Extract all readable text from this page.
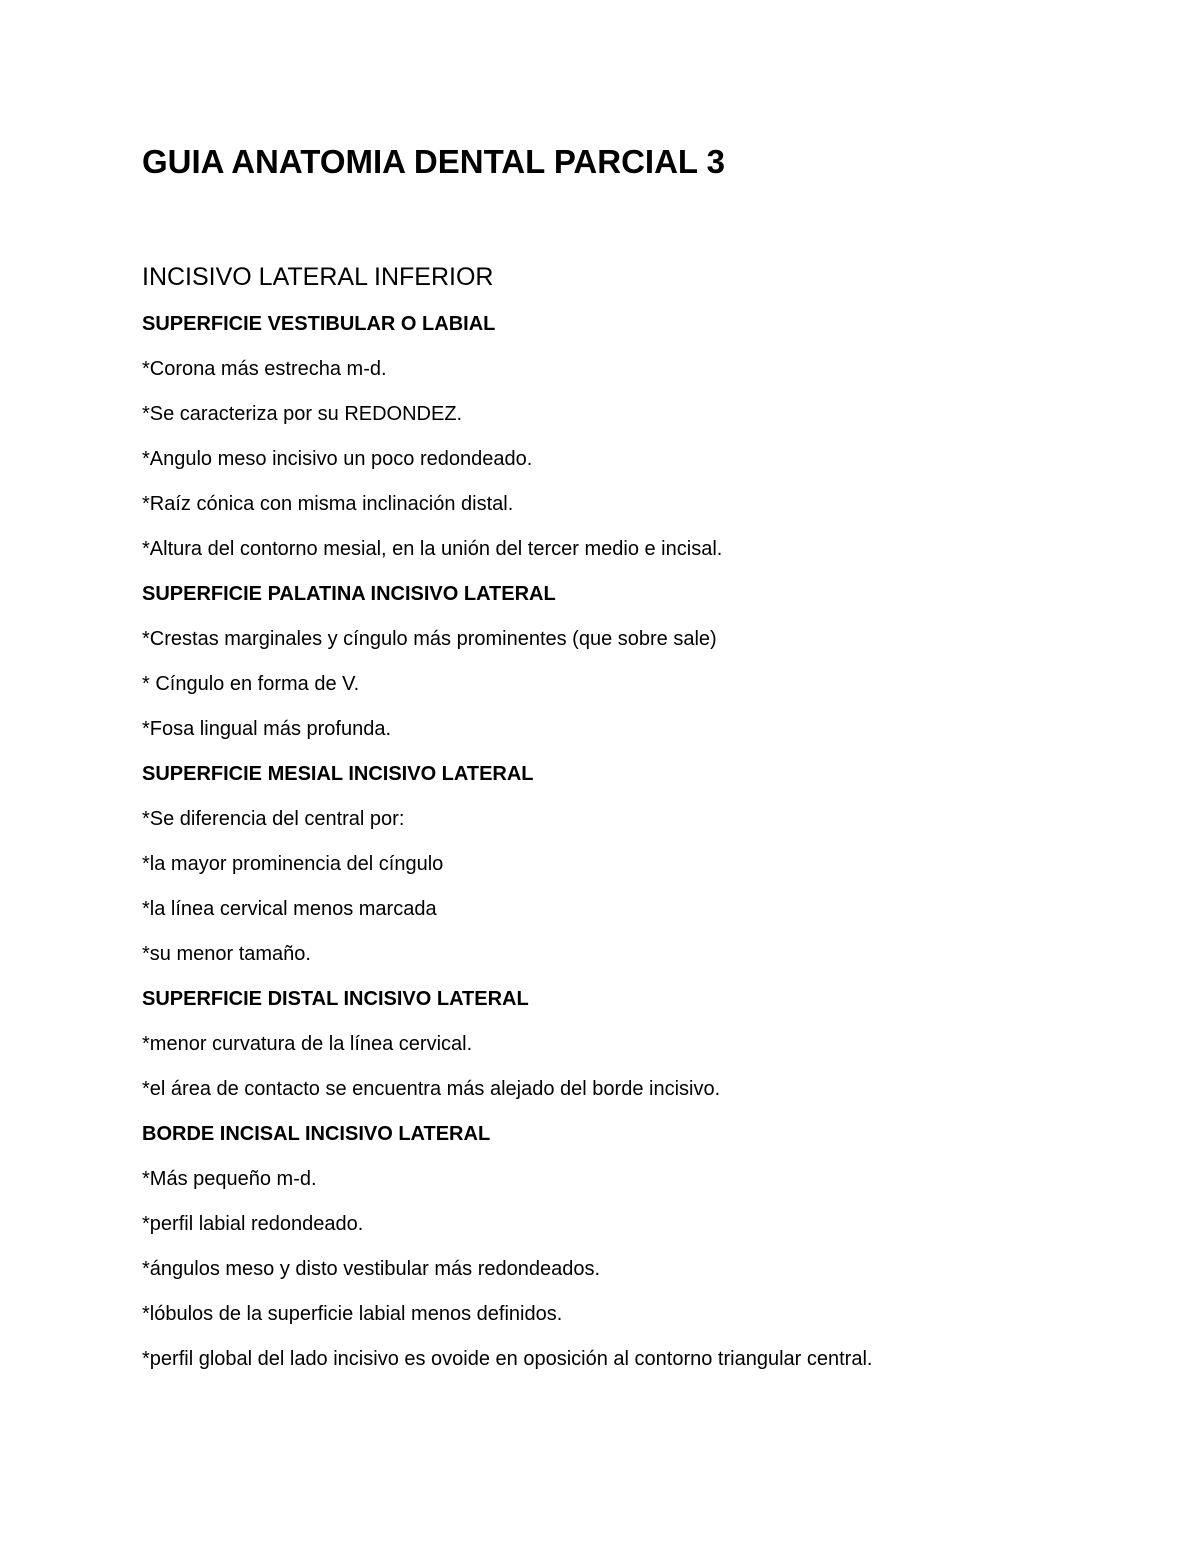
GUIA ANATOMIA DENTAL PARCIAL 3
INCISIVO LATERAL INFERIOR
SUPERFICIE VESTIBULAR O LABIAL
*Corona más estrecha m-d.
*Se caracteriza por su REDONDEZ.
*Angulo meso incisivo un poco redondeado.
*Raíz cónica con misma inclinación distal.
*Altura del contorno mesial, en la unión del tercer medio e incisal.
SUPERFICIE PALATINA INCISIVO LATERAL
*Crestas marginales y cíngulo más prominentes (que sobre sale)
* Cíngulo en forma de V.
*Fosa lingual más profunda.
SUPERFICIE MESIAL INCISIVO LATERAL
*Se diferencia del central por:
*la mayor prominencia del cíngulo
*la línea cervical menos marcada
*su menor tamaño.
SUPERFICIE DISTAL INCISIVO LATERAL
*menor curvatura de la línea cervical.
*el área de contacto se encuentra más alejado del borde incisivo.
BORDE INCISAL INCISIVO LATERAL
*Más pequeño m-d.
*perfil labial redondeado.
*ángulos meso y disto vestibular más redondeados.
*lóbulos de la superficie labial menos definidos.
*perfil global del lado incisivo es ovoide en oposición al contorno triangular central.
